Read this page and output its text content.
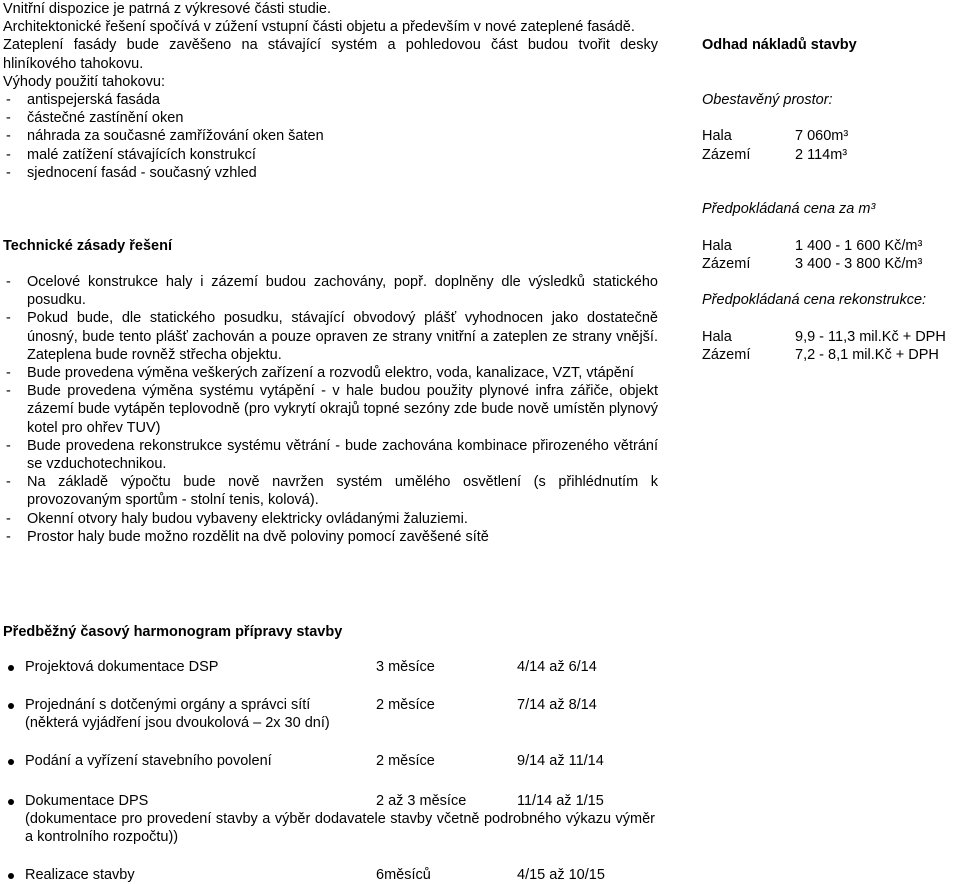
Vnitřní dispozice je patrná z výkresové části studie.
Architektonické řešení spočívá v zúžení vstupní části objetu a především v nové zateplené fasádě.
Zateplení fasády bude zavěšeno na stávající systém a pohledovou část budou tvořit desky hliníkového tahokovu.
Výhody použití tahokovu:
- antispejerská fasáda
- částečné zastínění oken
- náhrada za současné zamřížování oken šaten
- malé zatížení stávajících konstrukcí
- sjednocení fasád - současný vzhled
Technické zásady řešení
- Ocelové konstrukce haly i zázemí budou zachovány, popř. doplněny dle výsledků statického posudku.
- Pokud bude, dle statického posudku, stávající obvodový plášť vyhodnocen jako dostatečně únosný, bude tento plášť zachován a pouze opraven ze strany vnitřní a zateplen ze strany vnější. Zateplena bude rovněž střecha objektu.
- Bude provedena výměna veškerých zařízení a rozvodů elektro, voda, kanalizace, VZT, vtápění
- Bude provedena výměna systému vytápění - v hale budou použity plynové infra zářiče, objekt zázemí bude vytápěn teplovodně (pro vykrytí okrajů topné sezóny zde bude nově umístěn plynový kotel pro ohřev TUV)
- Bude provedena rekonstrukce systému větrání - bude zachována kombinace přirozeného větrání se vzduchotechnikou.
- Na základě výpočtu bude nově navržen systém umělého osvětlení (s přihlédnutím k provozovaným sportům - stolní tenis, kolová).
- Okenní otvory haly budou vybaveny elektricky ovládanými žaluziemi.
- Prostor haly bude možno rozdělit na dvě poloviny pomocí zavěšené sítě
Odhad nákladů stavby
Obestavěný prostor:
Hala	7 060m³
Zázemí	2 114m³
Předpokládaná cena za m³
Hala	1 400 - 1 600 Kč/m³
Zázemí	3 400 - 3 800 Kč/m³
Předpokládaná cena rekonstrukce:
Hala	9,9 - 11,3 mil.Kč + DPH
Zázemí	7,2 - 8,1 mil.Kč + DPH
Předběžný časový harmonogram přípravy stavby
Projektová dokumentace DSP	3 měsíce	4/14 až 6/14
Projednání s dotčenými orgány a správci sítí	2 měsíce	7/14 až 8/14
(některá vyjádření jsou dvoukolová – 2x 30 dní)
Podání a vyřízení stavebního povolení	2 měsíce	9/14 až 11/14
Dokumentace DPS	2 až 3 měsíce	11/14 až 1/15
(dokumentace pro provedení stavby a výběr dodavatele stavby včetně podrobného výkazu výměr a kontrolního rozpočtu))
Realizace stavby	6měsíců	4/15 až 10/15
